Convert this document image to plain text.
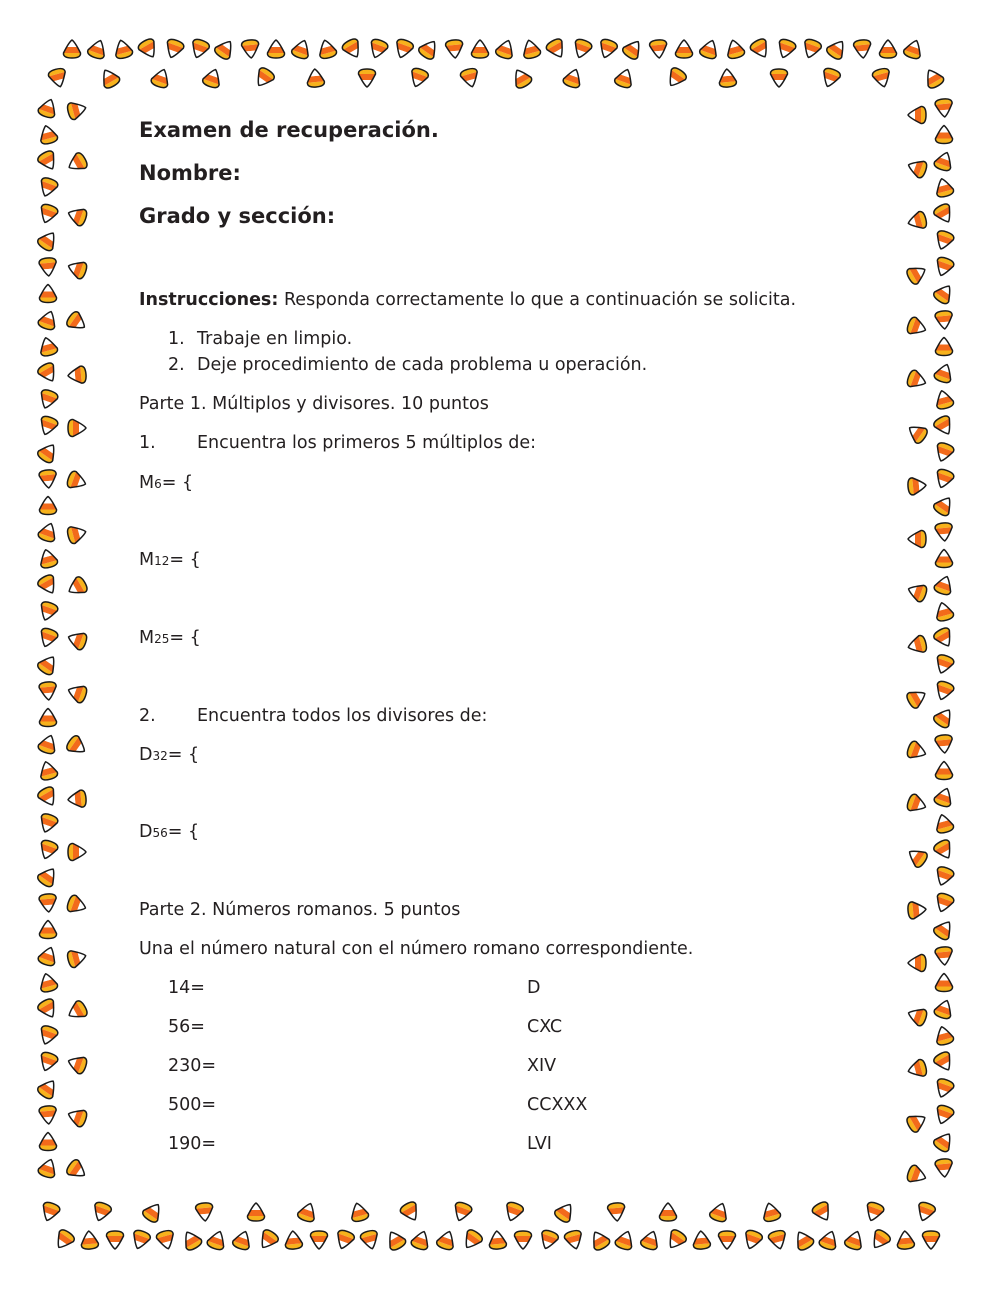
Examen de recuperación.

Nombre:

Grado y sección:

Instrucciones: Responda correctamente lo que a continuación se solicita.

1. Trabaje en limpio.

2. Deje procedimiento de cada problema u operación.

Parte 1. Múltiplos y divisores. 10 puntos

1. Encuentra los primeros 5 múltiplos de:

M6= {

M12= {

M25= {

2. Encuentra todos los divisores de:

D32= {

D56= {

Parte 2. Números romanos. 5 puntos

Una el número natural con el número romano correspondiente.

14=	D

56=	CXC

230=	XIV

500=	CCXXX

190=	LVI
